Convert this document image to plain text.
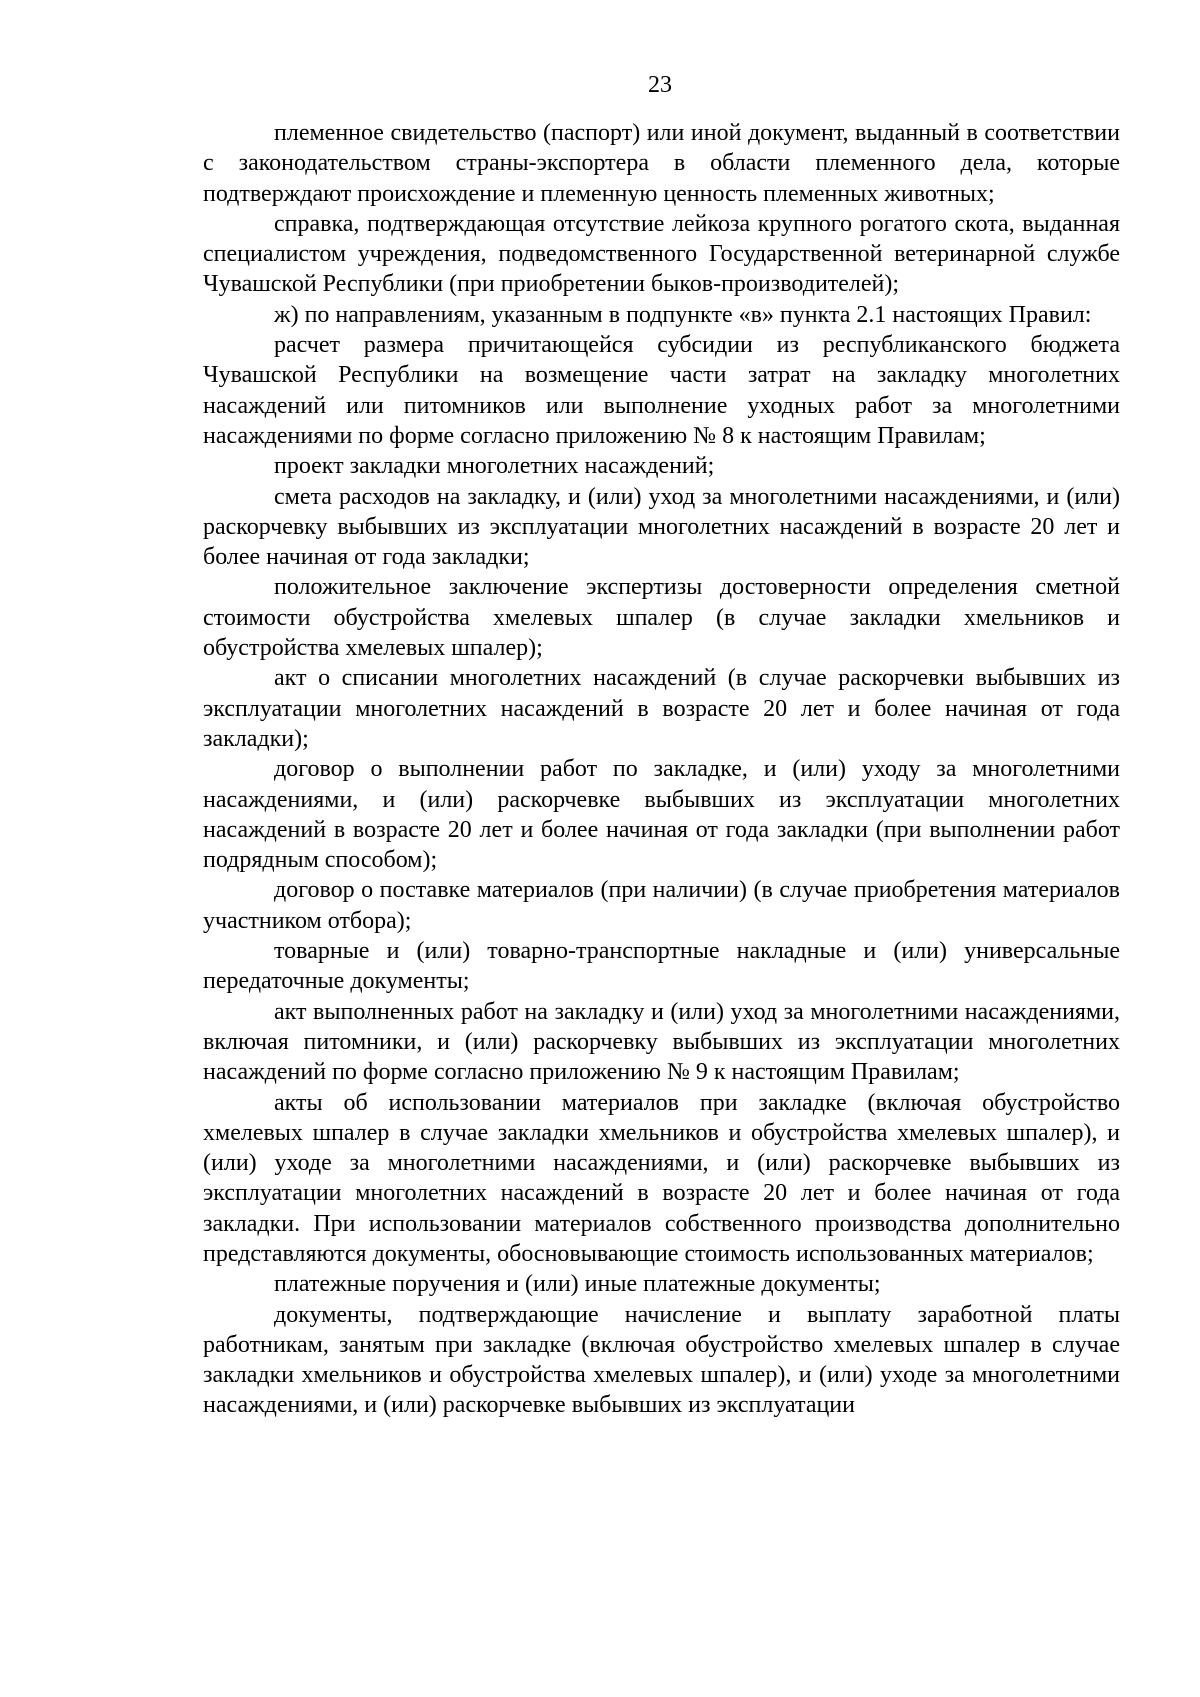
23

племенное свидетельство (паспорт) или иной документ, выданный в соответствии с законодательством страны-экспортера в области племенного дела, которые подтверждают происхождение и племенную ценность племенных животных;

справка, подтверждающая отсутствие лейкоза крупного рогатого скота, выданная специалистом учреждения, подведомственного Государственной ветеринарной службе Чувашской Республики (при приобретении быков-производителей);

ж) по направлениям, указанным в подпункте «в» пункта 2.1 настоящих Правил:

расчет размера причитающейся субсидии из республиканского бюджета Чувашской Республики на возмещение части затрат на закладку многолетних насаждений или питомников или выполнение уходных работ за многолетними насаждениями по форме согласно приложению № 8 к настоящим Правилам;

проект закладки многолетних насаждений;

смета расходов на закладку, и (или) уход за многолетними насаждениями, и (или) раскорчевку выбывших из эксплуатации многолетних насаждений в возрасте 20 лет и более начиная от года закладки;

положительное заключение экспертизы достоверности определения сметной стоимости обустройства хмелевых шпалер (в случае закладки хмельников и обустройства хмелевых шпалер);

акт о списании многолетних насаждений (в случае раскорчевки выбывших из эксплуатации многолетних насаждений в возрасте 20 лет и более начиная от года закладки);

договор о выполнении работ по закладке, и (или) уходу за многолетними насаждениями, и (или) раскорчевке выбывших из эксплуатации многолетних насаждений в возрасте 20 лет и более начиная от года закладки (при выполнении работ подрядным способом);

договор о поставке материалов (при наличии) (в случае приобретения материалов участником отбора);

товарные и (или) товарно-транспортные накладные и (или) универсальные передаточные документы;

акт выполненных работ на закладку и (или) уход за многолетними насаждениями, включая питомники, и (или) раскорчевку выбывших из эксплуатации многолетних насаждений по форме согласно приложению № 9 к настоящим Правилам;

акты об использовании материалов при закладке (включая обустройство хмелевых шпалер в случае закладки хмельников и обустройства хмелевых шпалер), и (или) уходе за многолетними насаждениями, и (или) раскорчевке выбывших из эксплуатации многолетних насаждений в возрасте 20 лет и более начиная от года закладки. При использовании материалов собственного производства дополнительно представляются документы, обосновывающие стоимость использованных материалов;

платежные поручения и (или) иные платежные документы;

документы, подтверждающие начисление и выплату заработной платы работникам, занятым при закладке (включая обустройство хмелевых шпалер в случае закладки хмельников и обустройства хмелевых шпалер), и (или) уходе за многолетними насаждениями, и (или) раскорчевке выбывших из эксплуатации
